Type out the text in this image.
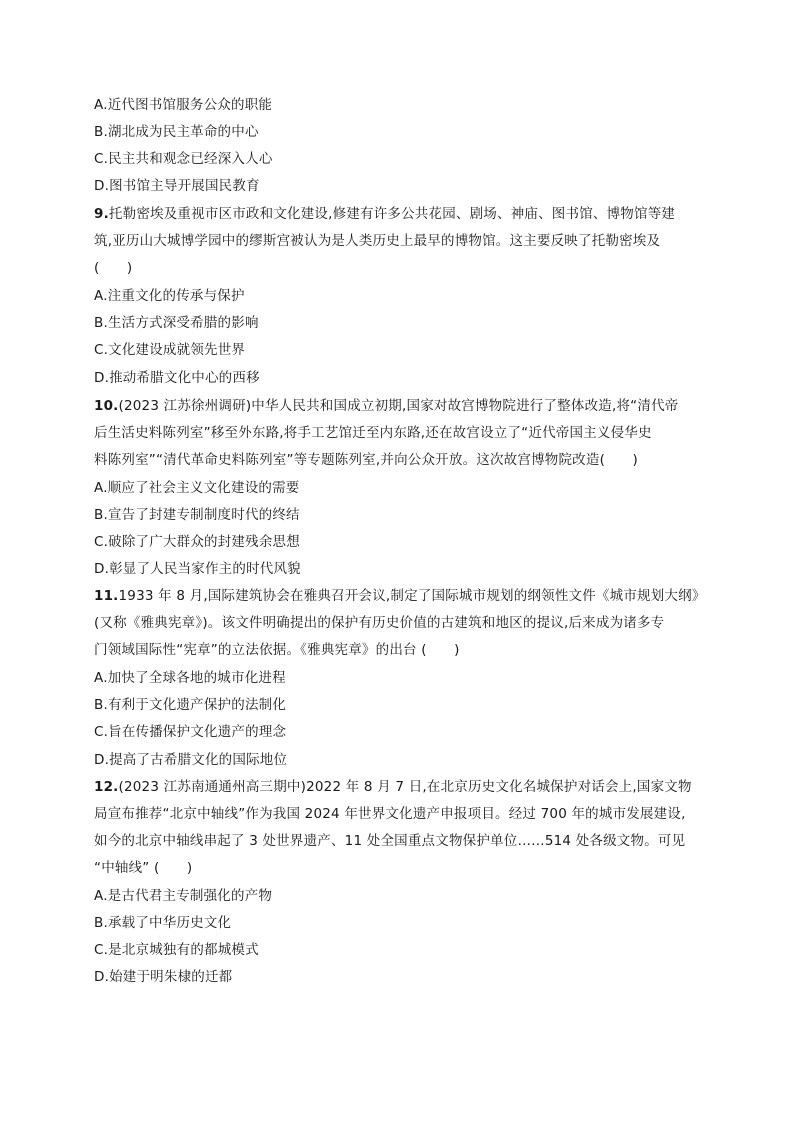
A.近代图书馆服务公众的职能
B.湖北成为民主革命的中心
C.民主共和观念已经深入人心
D.图书馆主导开展国民教育
9.托勒密埃及重视市区市政和文化建设,修建有许多公共花园、剧场、神庙、图书馆、博物馆等建
筑,亚历山大城博学园中的缪斯宫被认为是人类历史上最早的博物馆。这主要反映了托勒密埃及
(　　)
A.注重文化的传承与保护
B.生活方式深受希腊的影响
C.文化建设成就领先世界
D.推动希腊文化中心的西移
10.(2023 江苏徐州调研)中华人民共和国成立初期,国家对故宫博物院进行了整体改造,将“清代帝
后生活史料陈列室”移至外东路,将手工艺馆迁至内东路,还在故宫设立了“近代帝国主义侵华史
料陈列室”“清代革命史料陈列室”等专题陈列室,并向公众开放。这次故宫博物院改造(　　)
A.顺应了社会主义文化建设的需要
B.宣告了封建专制制度时代的终结
C.破除了广大群众的封建残余思想
D.彰显了人民当家作主的时代风貌
11.1933 年 8 月,国际建筑协会在雅典召开会议,制定了国际城市规划的纲领性文件《城市规划大纲》
(又称《雅典宪章》)。该文件明确提出的保护有历史价值的古建筑和地区的提议,后来成为诸多专
门领域国际性“宪章”的立法依据。《雅典宪章》的出台 (　　)
A.加快了全球各地的城市化进程
B.有利于文化遗产保护的法制化
C.旨在传播保护文化遗产的理念
D.提高了古希腊文化的国际地位
12.(2023 江苏南通通州高三期中)2022 年 8 月 7 日,在北京历史文化名城保护对话会上,国家文物
局宣布推荐“北京中轴线”作为我国 2024 年世界文化遗产申报项目。经过 700 年的城市发展建设,
如今的北京中轴线串起了 3 处世界遗产、11 处全国重点文物保护单位……514 处各级文物。可见
“中轴线” (　　)
A.是古代君主专制强化的产物
B.承载了中华历史文化
C.是北京城独有的都城模式
D.始建于明朱棣的迁都
